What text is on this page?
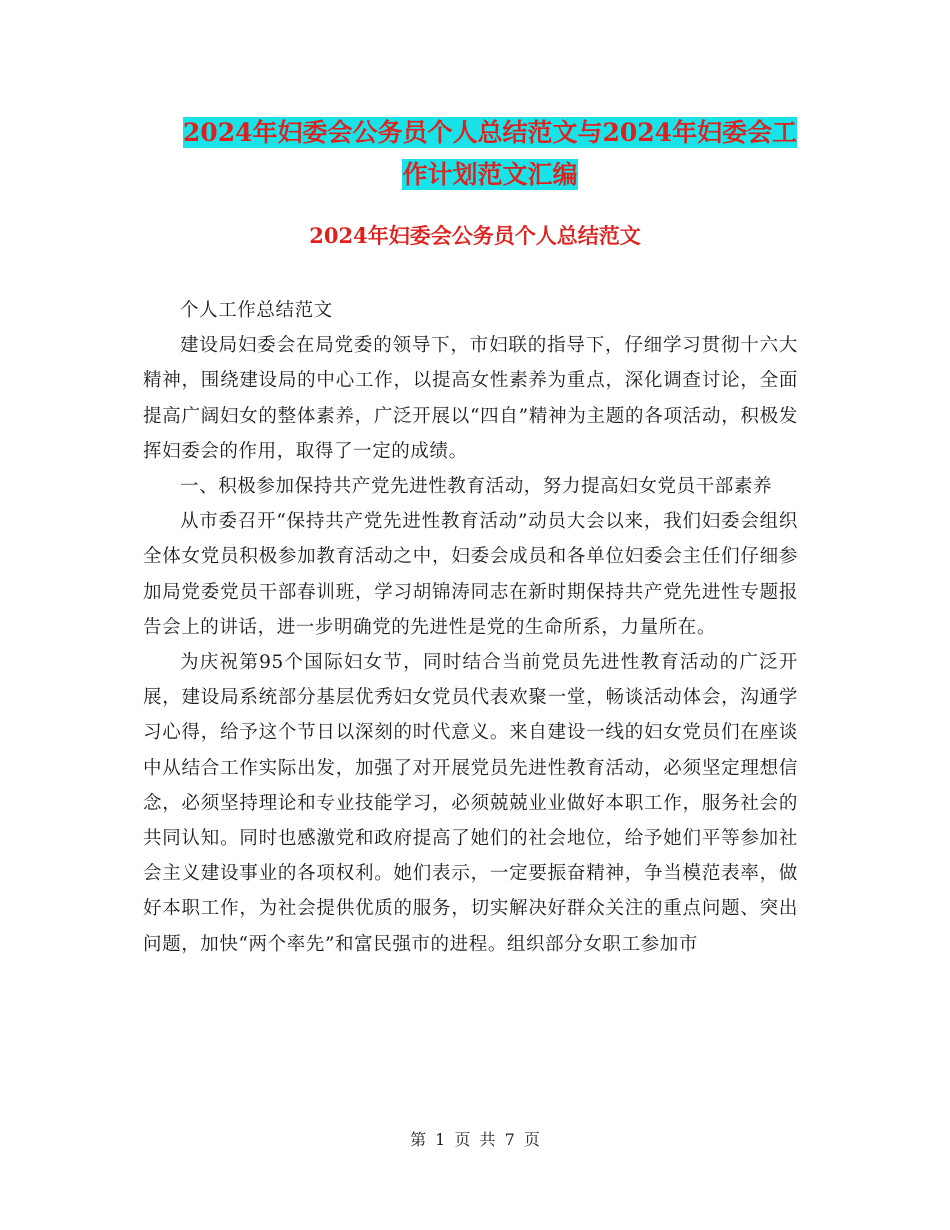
2024年妇委会公务员个人总结范文与2024年妇委会工
作计划范文汇编
2024年妇委会公务员个人总结范文

个人工作总结范文

建设局妇委会在局党委的领导下，市妇联的指导下，仔细学习贯彻十六大精神，围绕建设局的中心工作，以提高女性素养为重点，深化调查讨论，全面提高广阔妇女的整体素养，广泛开展以“四自”精神为主题的各项活动，积极发挥妇委会的作用，取得了一定的成绩。

一、积极参加保持共产党先进性教育活动，努力提高妇女党员干部素养

从市委召开“保持共产党先进性教育活动”动员大会以来，我们妇委会组织全体女党员积极参加教育活动之中，妇委会成员和各单位妇委会主任们仔细参加局党委党员干部春训班，学习胡锦涛同志在新时期保持共产党先进性专题报告会上的讲话，进一步明确党的先进性是党的生命所系，力量所在。

为庆祝第95个国际妇女节，同时结合当前党员先进性教育活动的广泛开展，建设局系统部分基层优秀妇女党员代表欢聚一堂，畅谈活动体会，沟通学习心得，给予这个节日以深刻的时代意义。来自建设一线的妇女党员们在座谈中从结合工作实际出发，加强了对开展党员先进性教育活动，必须坚定理想信念，必须坚持理论和专业技能学习，必须兢兢业业做好本职工作，服务社会的共同认知。同时也感激党和政府提高了她们的社会地位，给予她们平等参加社会主义建设事业的各项权利。她们表示，一定要振奋精神，争当模范表率，做好本职工作，为社会提供优质的服务，切实解决好群众关注的重点问题、突出问题，加快“两个率先”和富民强市的进程。组织部分女职工参加市

第 1 页 共 7 页
